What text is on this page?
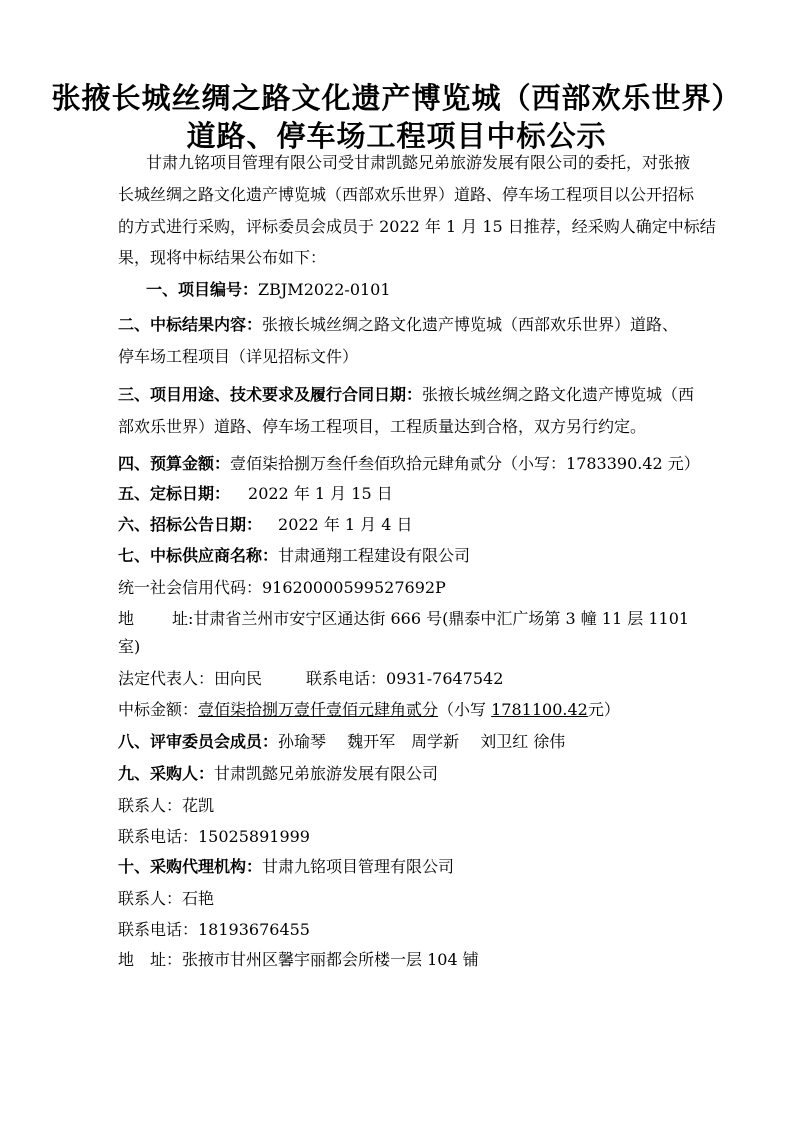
张掖长城丝绸之路文化遗产博览城（西部欢乐世界）
道路、停车场工程项目中标公示
甘肃九铭项目管理有限公司受甘肃凯懿兄弟旅游发展有限公司的委托，对张掖
长城丝绸之路文化遗产博览城（西部欢乐世界）道路、停车场工程项目以公开招标
的方式进行采购，评标委员会成员于 2022 年 1 月 15 日推荐，经采购人确定中标结
果，现将中标结果公布如下：
一、项目编号：ZBJM2022-0101
二、中标结果内容：张掖长城丝绸之路文化遗产博览城（西部欢乐世界）道路、
停车场工程项目（详见招标文件）
三、项目用途、技术要求及履行合同日期：张掖长城丝绸之路文化遗产博览城（西
部欢乐世界）道路、停车场工程项目，工程质量达到合格，双方另行约定。
四、预算金额：壹佰柒拾捌万叁仟叁佰玖拾元肆角贰分（小写：1783390.42 元）
五、定标日期： 2022 年 1 月 15 日
六、招标公告日期： 2022 年 1 月 4 日
七、中标供应商名称：甘肃通翔工程建设有限公司
统一社会信用代码：91620000599527692P
地 址:甘肃省兰州市安宁区通达街 666 号(鼎泰中汇广场第 3 幢 11 层 1101
室)
法定代表人：田向民	联系电话：0931-7647542
中标金额：壹佰柒拾捌万壹仟壹佰元肆角贰分（小写 1781100.42元）
八、评审委员会成员：孙瑜琴　 魏开军　周学新　 刘卫红 徐伟
九、采购人：甘肃凯懿兄弟旅游发展有限公司
联系人：花凯
联系电话：15025891999
十、采购代理机构：甘肃九铭项目管理有限公司
联系人：石艳
联系电话：18193676455
地 址：张掖市甘州区馨宇丽都会所楼一层 104 铺
